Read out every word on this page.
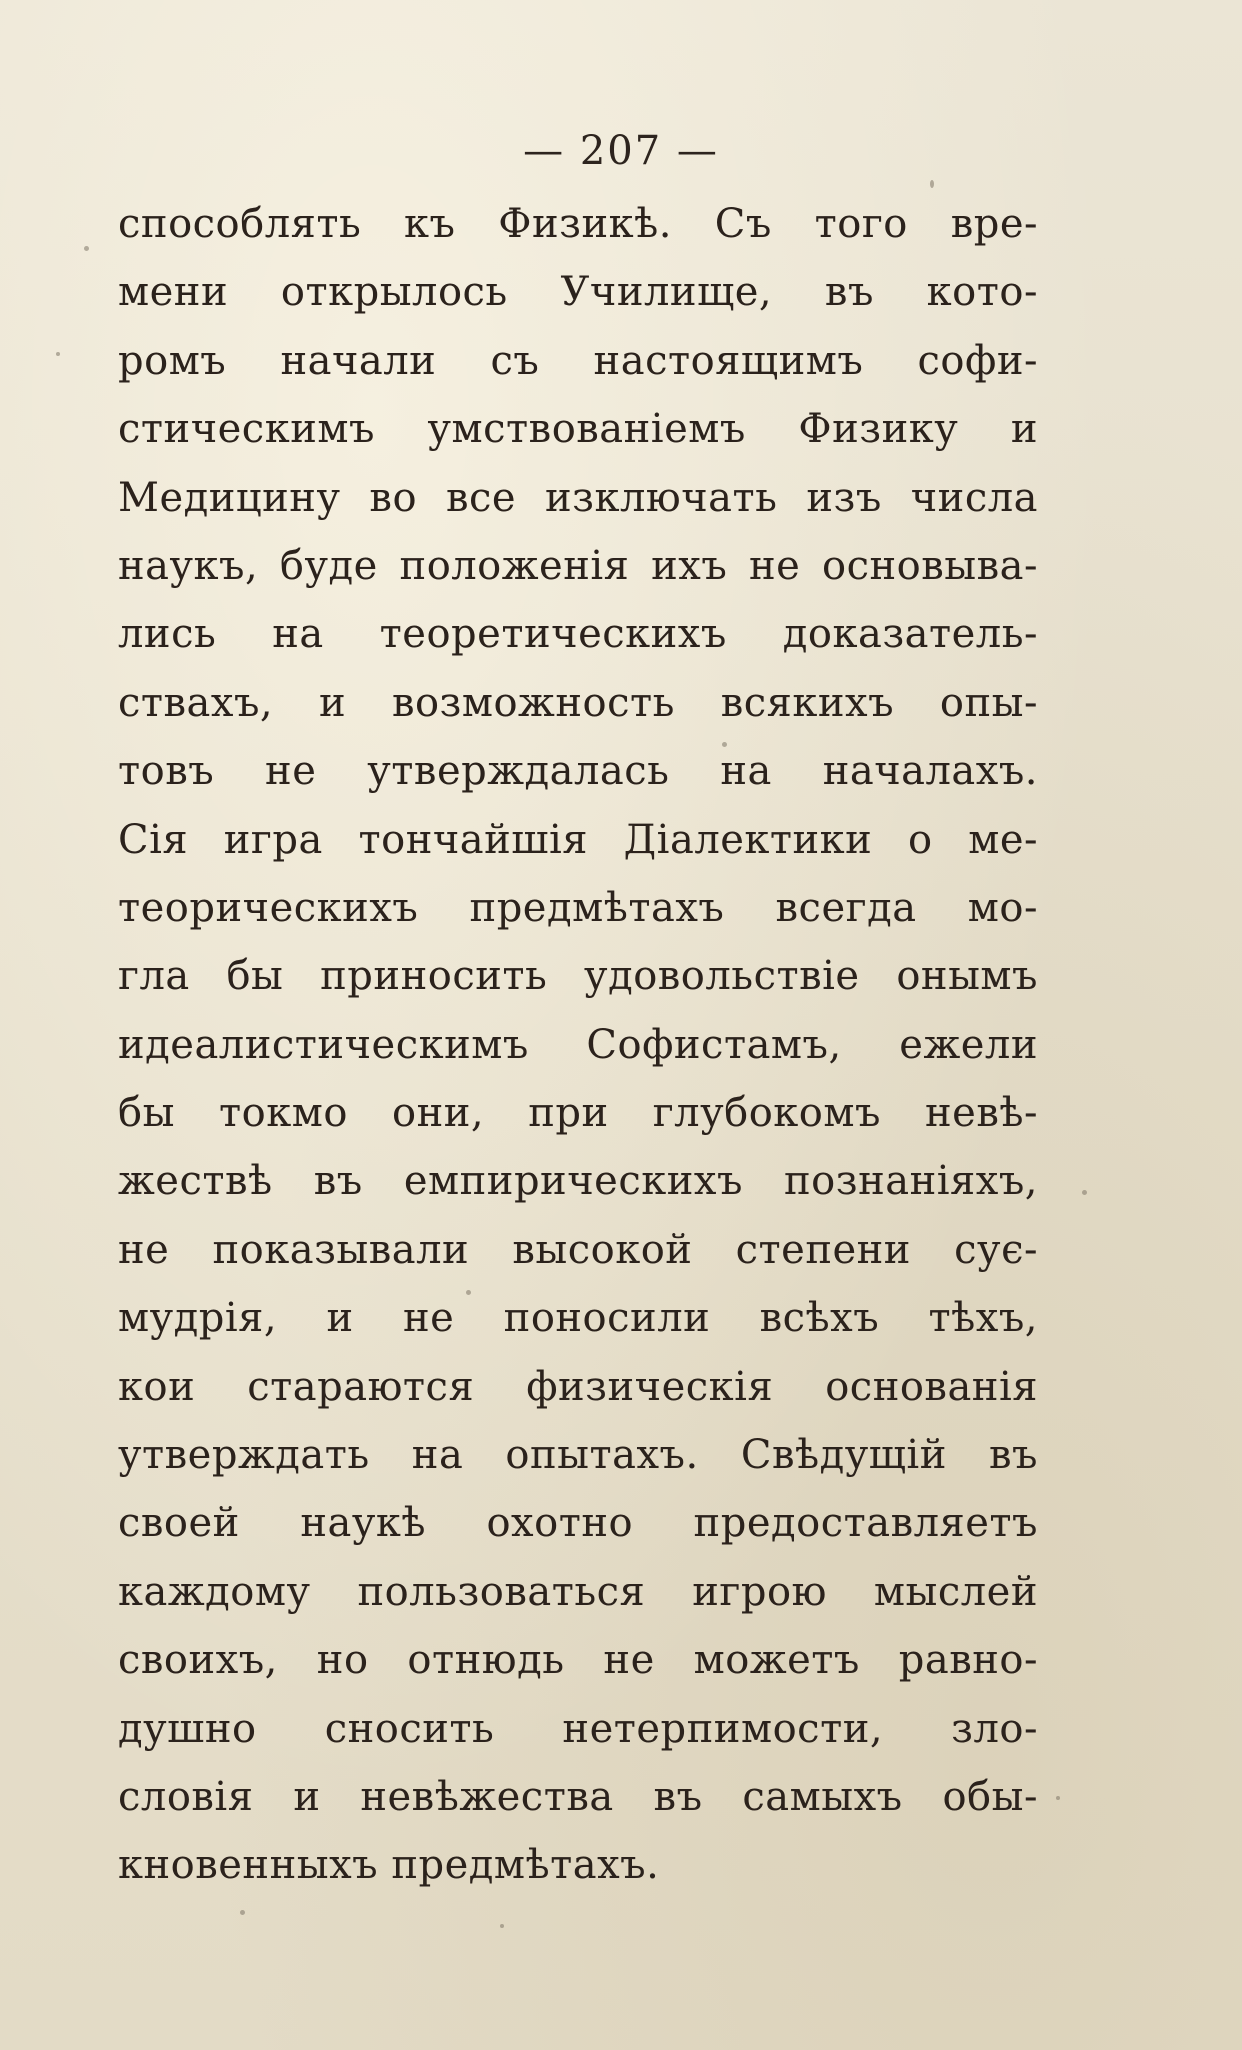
— 207 —
способлять къ Физикѣ. Съ того вре-
мени открылось Училище, въ кото-
ромъ начали съ настоящимъ софи-
стическимъ умствованіемъ Физику и
Медицину во все изключать изъ числа
наукъ, буде положенія ихъ не основыва-
лись на теоретическихъ доказатель-
ствахъ, и возможность всякихъ опы-
товъ не утверждалась на началахъ.
Сія игра тончайшія Діалектики о ме-
теорическихъ предмѣтахъ всегда мо-
гла бы приносить удовольствіе онымъ
идеалистическимъ Софистамъ, ежели
бы токмо они, при глубокомъ невѣ-
жествѣ въ емпирическихъ познаніяхъ,
не показывали высокой степени сує-
мудрія, и не поносили всѣхъ тѣхъ,
кои стараются физическія основанія
утверждать на опытахъ. Свѣдущій въ
своей наукѣ охотно предоставляетъ
каждому пользоваться игрою мыслей
своихъ, но отнюдь не можетъ равно-
душно сносить нетерпимости, зло-
словія и невѣжества въ самыхъ обы-
кновенныхъ предмѣтахъ.
